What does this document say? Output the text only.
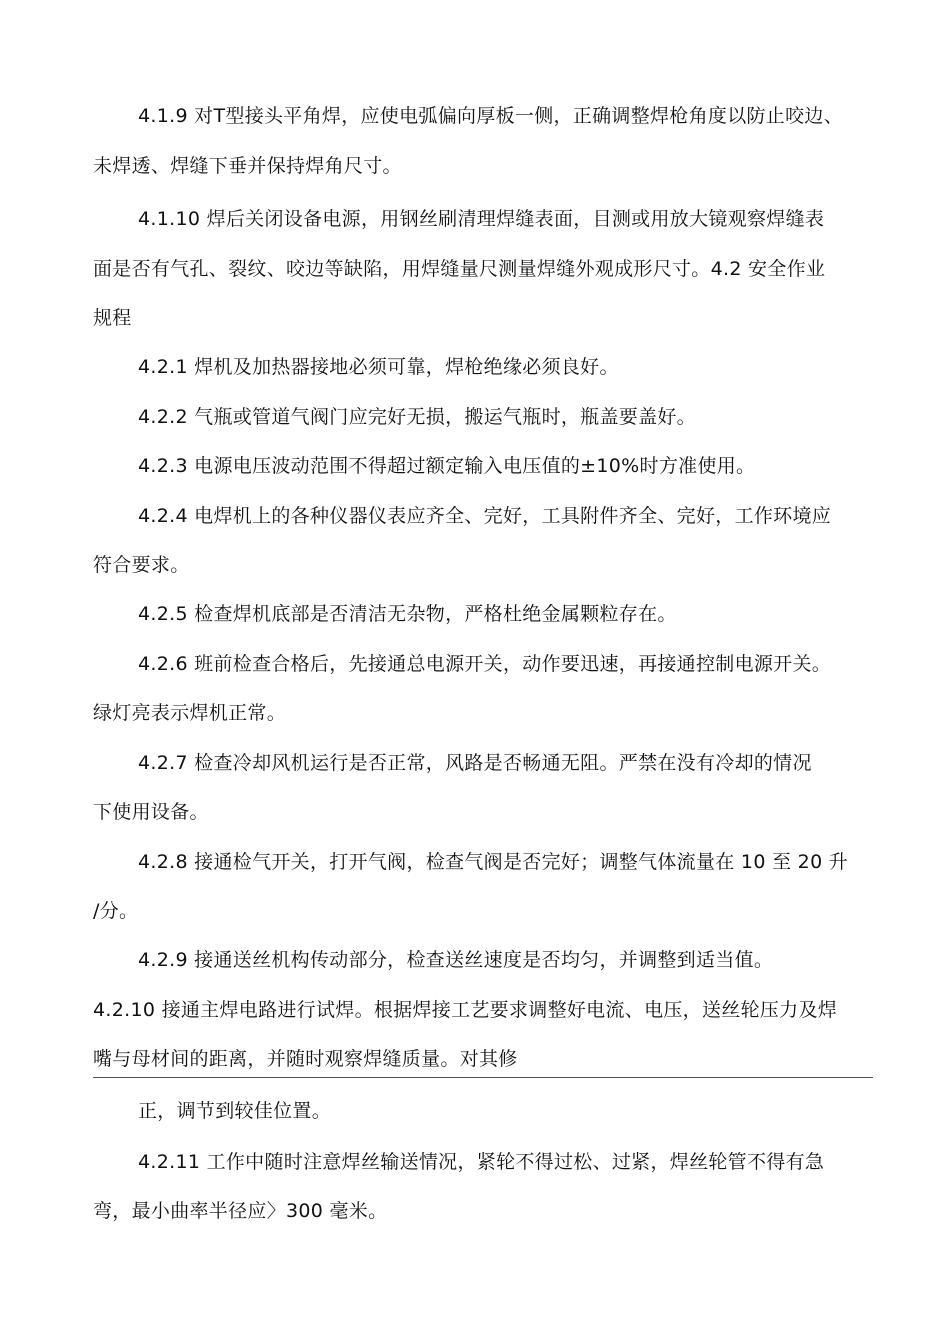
4.1.9 对T型接头平角焊，应使电弧偏向厚板一侧，正确调整焊枪角度以防止咬边、
未焊透、焊缝下垂并保持焊角尺寸。
4.1.10 焊后关闭设备电源，用钢丝刷清理焊缝表面，目测或用放大镜观察焊缝表
面是否有气孔、裂纹、咬边等缺陷，用焊缝量尺测量焊缝外观成形尺寸。4.2 安全作业
规程
4.2.1 焊机及加热器接地必须可靠，焊枪绝缘必须良好。
4.2.2 气瓶或管道气阀门应完好无损，搬运气瓶时，瓶盖要盖好。
4.2.3 电源电压波动范围不得超过额定输入电压值的±10%时方准使用。
4.2.4 电焊机上的各种仪器仪表应齐全、完好，工具附件齐全、完好，工作环境应
符合要求。
4.2.5 检查焊机底部是否清洁无杂物，严格杜绝金属颗粒存在。
4.2.6 班前检查合格后，先接通总电源开关，动作要迅速，再接通控制电源开关。
绿灯亮表示焊机正常。
4.2.7 检查冷却风机运行是否正常，风路是否畅通无阻。严禁在没有冷却的情况
下使用设备。
4.2.8 接通检气开关，打开气阀，检查气阀是否完好；调整气体流量在 10 至 20 升
/分。
4.2.9 接通送丝机构传动部分，检查送丝速度是否均匀，并调整到适当值。
4.2.10 接通主焊电路进行试焊。根据焊接工艺要求调整好电流、电压，送丝轮压力及焊
嘴与母材间的距离，并随时观察焊缝质量。对其修
正，调节到较佳位置。
4.2.11 工作中随时注意焊丝输送情况，紧轮不得过松、过紧，焊丝轮管不得有急
弯，最小曲率半径应〉300 毫米。
